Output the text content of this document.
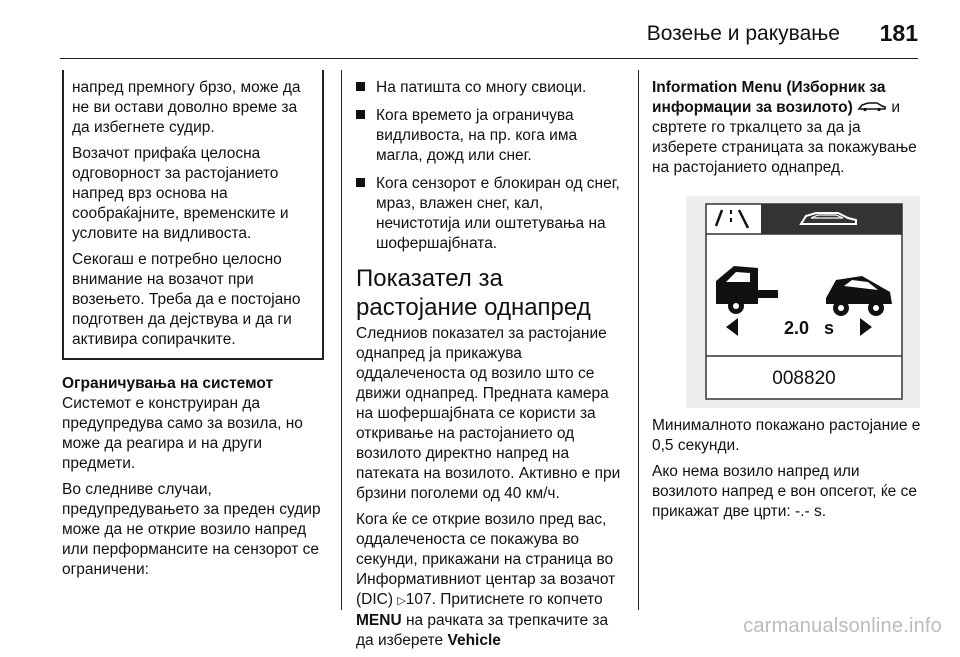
Возење и ракување 181

напред премногу брзо, може да не ви остави доволно време за да избегнете судир.

Возачот прифаќа целосна одговорност за растојанието напред врз основа на сообраќајните, временските и условите на видливоста.

Секогаш е потребно целосно внимание на возачот при возењето. Треба да е постојано подготвен да дејствува и да ги активира сопирачките.

Ограничувања на системот

Системот е конструиран да предупредува само за возила, но може да реагира и на други предмети.

Во следниве случаи, предупредувањето за преден судир може да не открие возило напред или перформансите на сензорот се ограничени:

На патишта со многу свиоци.
Кога времето ја ограничува видливоста, на пр. кога има магла, дожд или снег.
Кога сензорот е блокиран од снег, мраз, влажен снег, кал, нечистотија или оштетувања на шофершајбната.
Показател за растојание однапред

Следниов показател за растојание однапред ја прикажува оддалеченоста од возило што се движи однапред. Предната камера на шофершајбната се користи за откривање на растојанието од возилото директно напред на патеката на возилото. Активно е при брзини поголеми од 40 км/ч.

Кога ќе се открие возило пред вас, оддалеченоста се покажува во секунди, прикажани на страница во Информативниот центар за возачот (DIC) ▷107. Притиснете го копчето MENU на рачката за трепкачите за да изберете Vehicle

Information Menu (Изборник за информации за возилото)  и свртете го тркалцето за да ја изберете страницата за покажување на растојанието однапред.

2.0 s
008820

Минималното покажано растојание е 0,5 секунди.

Ако нема возило напред или возилото напред е вон опсегот, ќе се прикажат две црти: -.- s.

carmanualsonline.info
